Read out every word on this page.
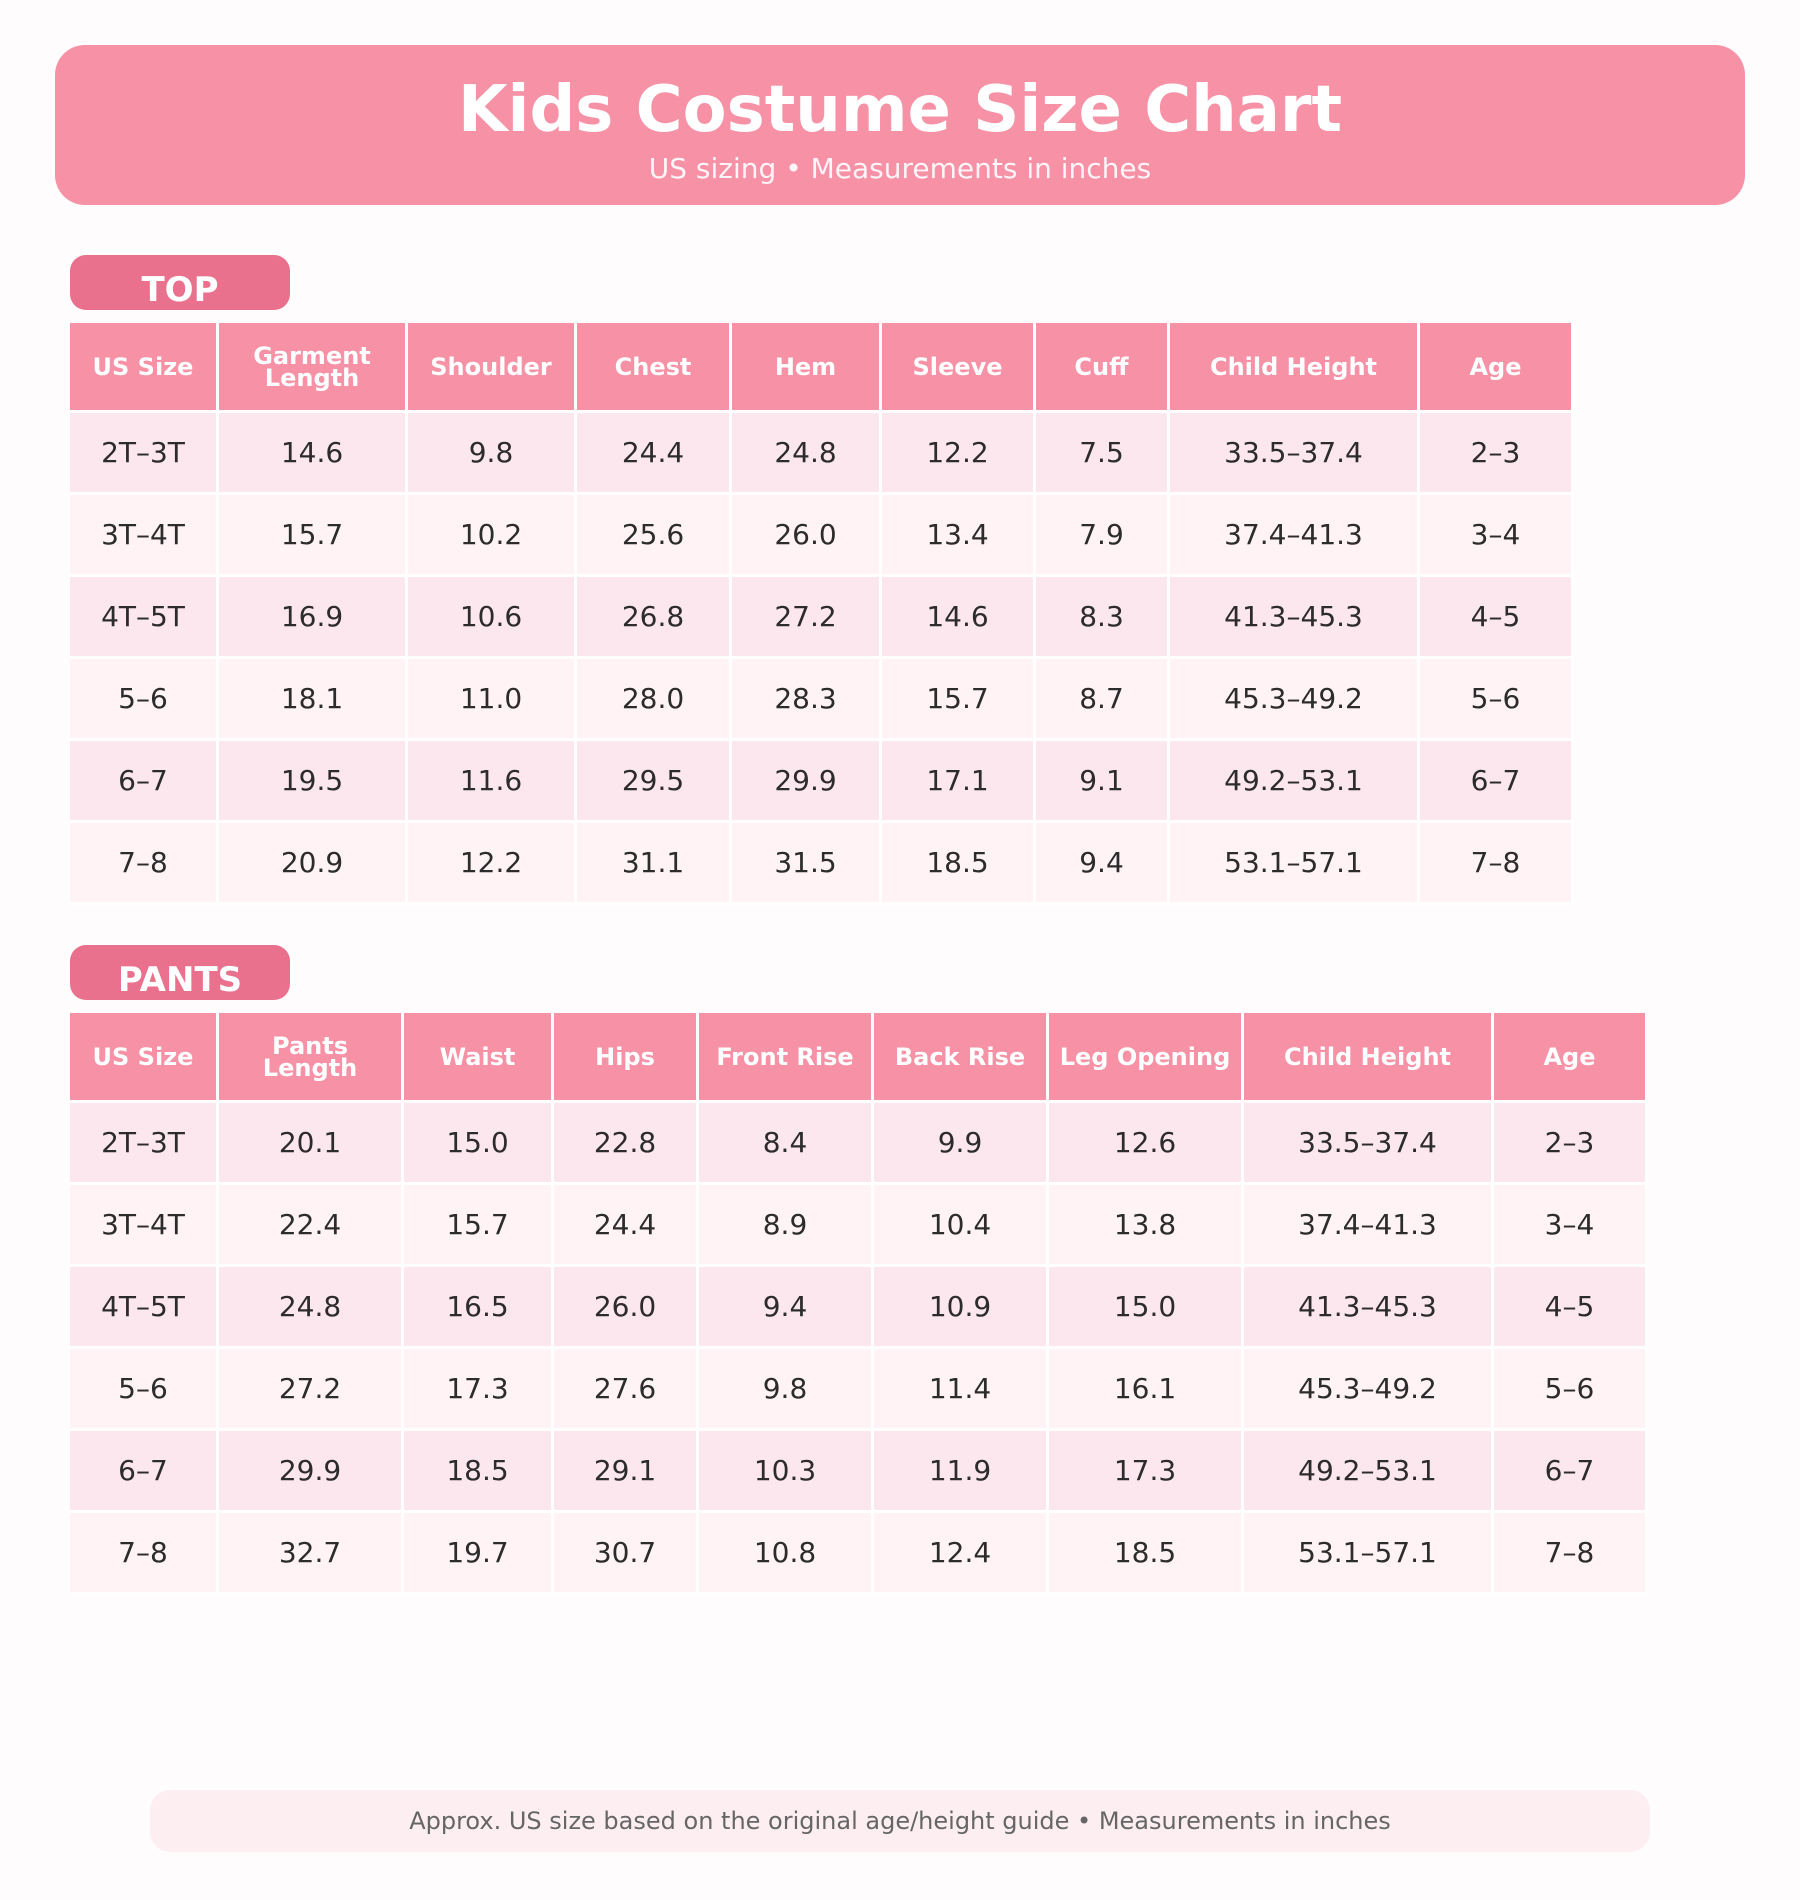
Kids Costume Size Chart
US sizing • Measurements in inches
TOP
US Size	Garment Length	Shoulder	Chest	Hem	Sleeve	Cuff	Child Height	Age
2T–3T	14.6	9.8	24.4	24.8	12.2	7.5	33.5–37.4	2–3
3T–4T	15.7	10.2	25.6	26.0	13.4	7.9	37.4–41.3	3–4
4T–5T	16.9	10.6	26.8	27.2	14.6	8.3	41.3–45.3	4–5
5–6	18.1	11.0	28.0	28.3	15.7	8.7	45.3–49.2	5–6
6–7	19.5	11.6	29.5	29.9	17.1	9.1	49.2–53.1	6–7
7–8	20.9	12.2	31.1	31.5	18.5	9.4	53.1–57.1	7–8
PANTS
US Size	Pants Length	Waist	Hips	Front Rise	Back Rise	Leg Opening	Child Height	Age
2T–3T	20.1	15.0	22.8	8.4	9.9	12.6	33.5–37.4	2–3
3T–4T	22.4	15.7	24.4	8.9	10.4	13.8	37.4–41.3	3–4
4T–5T	24.8	16.5	26.0	9.4	10.9	15.0	41.3–45.3	4–5
5–6	27.2	17.3	27.6	9.8	11.4	16.1	45.3–49.2	5–6
6–7	29.9	18.5	29.1	10.3	11.9	17.3	49.2–53.1	6–7
7–8	32.7	19.7	30.7	10.8	12.4	18.5	53.1–57.1	7–8
Approx. US size based on the original age/height guide • Measurements in inches
